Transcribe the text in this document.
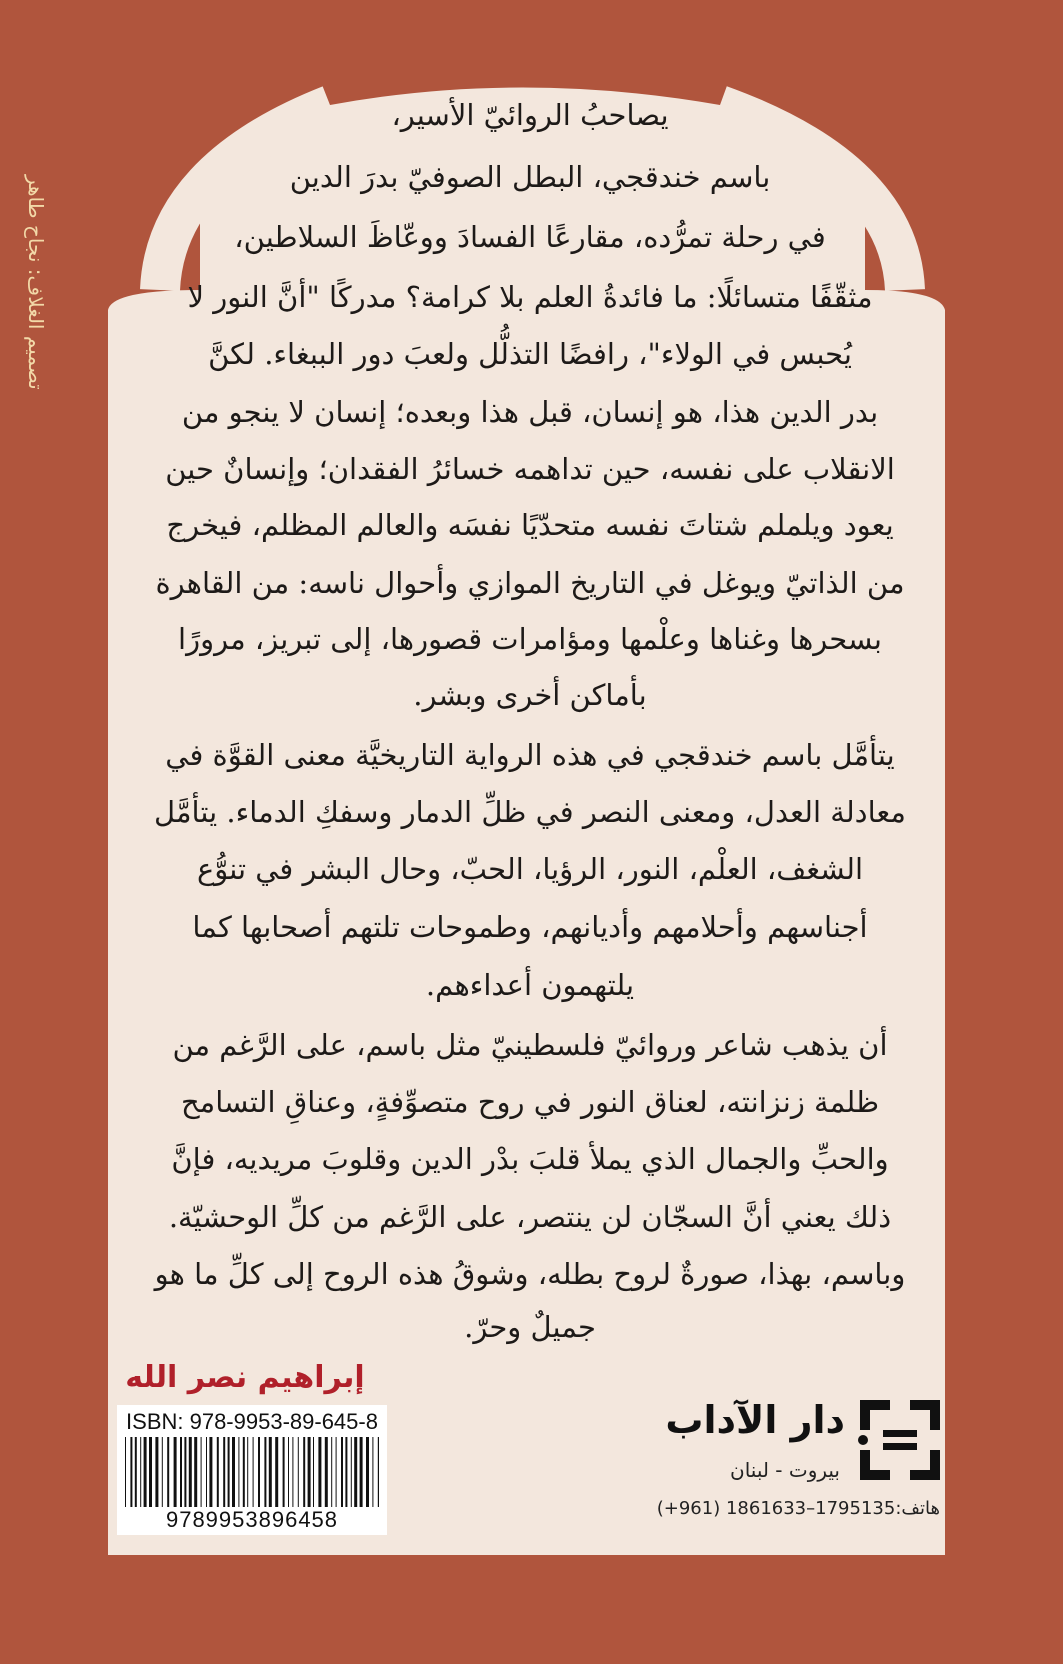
تصميم الغلاف: نجاح طاهر
يصاحبُ الروائيّ الأسير،
باسم خندقجي، البطل الصوفيّ بدرَ الدين
في رحلة تمرُّده، مقارعًا الفسادَ ووعّاظَ السلاطين،
مثقّفًا متسائلًا: ما فائدةُ العلم بلا كرامة؟ مدركًا "أنَّ النور لا
يُحبس في الولاء"، رافضًا التذلُّل ولعبَ دور الببغاء. لكنَّ
بدر الدين هذا، هو إنسان، قبل هذا وبعده؛ إنسان لا ينجو من
الانقلاب على نفسه، حين تداهمه خسائرُ الفقدان؛ وإنسانٌ حين
يعود ويلملم شتاتَ نفسه متحدّيًا نفسَه والعالم المظلم، فيخرج
من الذاتيّ ويوغل في التاريخ الموازي وأحوال ناسه: من القاهرة
بسحرها وغناها وعلْمها ومؤامرات قصورها، إلى تبريز، مرورًا
بأماكن أخرى وبشر.
يتأمَّل باسم خندقجي في هذه الرواية التاريخيَّة معنى القوَّة في
معادلة العدل، ومعنى النصر في ظلِّ الدمار وسفكِ الدماء. يتأمَّل
الشغف، العلْم، النور، الرؤيا، الحبّ، وحال البشر في تنوُّع
أجناسهم وأحلامهم وأديانهم، وطموحات تلتهم أصحابها كما
يلتهمون أعداءهم.
أن يذهب شاعر وروائيّ فلسطينيّ مثل باسم، على الرَّغم من
ظلمة زنزانته، لعناق النور في روح متصوِّفةٍ، وعناقِ التسامح
والحبِّ والجمال الذي يملأ قلبَ بدْر الدين وقلوبَ مريديه، فإنَّ
ذلك يعني أنَّ السجّان لن ينتصر، على الرَّغم من كلِّ الوحشيّة.
وباسم، بهذا، صورةٌ لروح بطله، وشوقُ هذه الروح إلى كلِّ ما هو
جميلٌ وحرّ.
إبراهيم نصر الله
ISBN: 978-9953-89-645-8
9789953896458
دار الآداب
بيروت - لبنان
هاتف:1795135–1861633 (961+)
